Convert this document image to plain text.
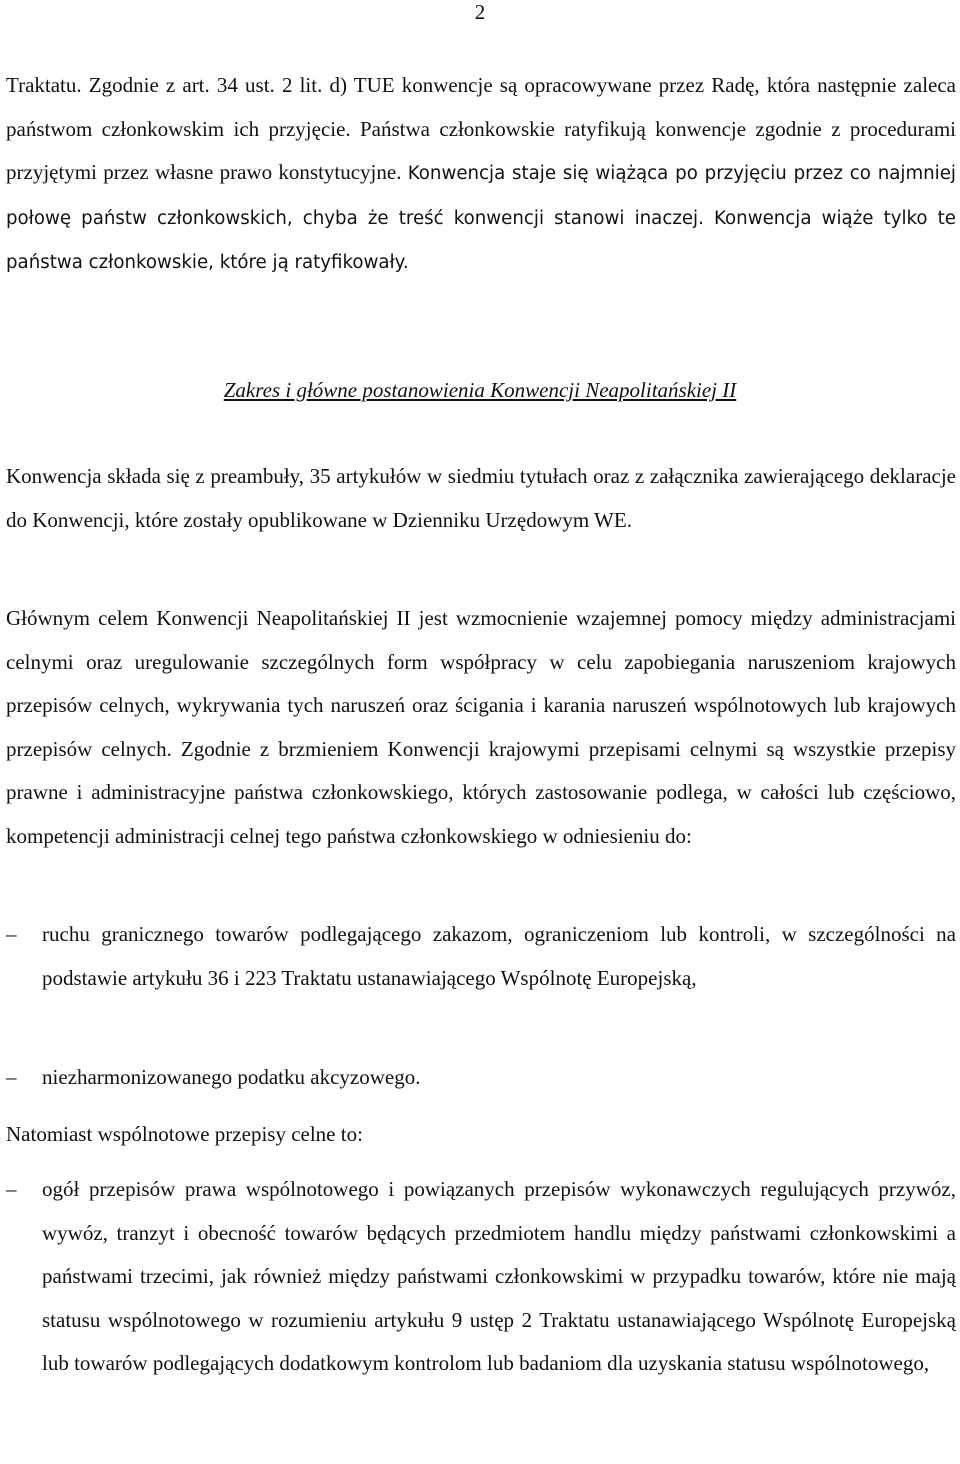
2

Traktatu. Zgodnie z art. 34 ust. 2 lit. d) TUE konwencje są opracowywane przez Radę, która następnie zaleca państwom członkowskim ich przyjęcie. Państwa członkowskie ratyfikują konwencje zgodnie z procedurami przyjętymi przez własne prawo konstytucyjne. Konwencja staje się wiążąca po przyjęciu przez co najmniej połowę państw członkowskich, chyba że treść konwencji stanowi inaczej. Konwencja wiąże tylko te państwa członkowskie, które ją ratyfikowały.

Zakres i główne postanowienia Konwencji Neapolitańskiej II

Konwencja składa się z preambuły, 35 artykułów w siedmiu tytułach oraz z załącznika zawierającego deklaracje do Konwencji, które zostały opublikowane w Dzienniku Urzędowym WE.

Głównym celem Konwencji Neapolitańskiej II jest wzmocnienie wzajemnej pomocy między administracjami celnymi oraz uregulowanie szczególnych form współpracy w celu zapobiegania naruszeniom krajowych przepisów celnych, wykrywania tych naruszeń oraz ścigania i karania naruszeń wspólnotowych lub krajowych przepisów celnych. Zgodnie z brzmieniem Konwencji krajowymi przepisami celnymi są wszystkie przepisy prawne i administracyjne państwa członkowskiego, których zastosowanie podlega, w całości lub częściowo, kompetencji administracji celnej tego państwa członkowskiego w odniesieniu do:

–	ruchu granicznego towarów podlegającego zakazom, ograniczeniom lub kontroli, w szczególności na podstawie artykułu 36 i 223 Traktatu ustanawiającego Wspólnotę Europejską,

–	niezharmonizowanego podatku akcyzowego.

Natomiast wspólnotowe przepisy celne to:

–	ogół przepisów prawa wspólnotowego i powiązanych przepisów wykonawczych regulujących przywóz, wywóz, tranzyt i obecność towarów będących przedmiotem handlu między państwami członkowskimi a państwami trzecimi, jak również między państwami członkowskimi w przypadku towarów, które nie mają statusu wspólnotowego w rozumieniu artykułu 9 ustęp 2 Traktatu ustanawiającego Wspólnotę Europejską lub towarów podlegających dodatkowym kontrolom lub badaniom dla uzyskania statusu wspólnotowego,
